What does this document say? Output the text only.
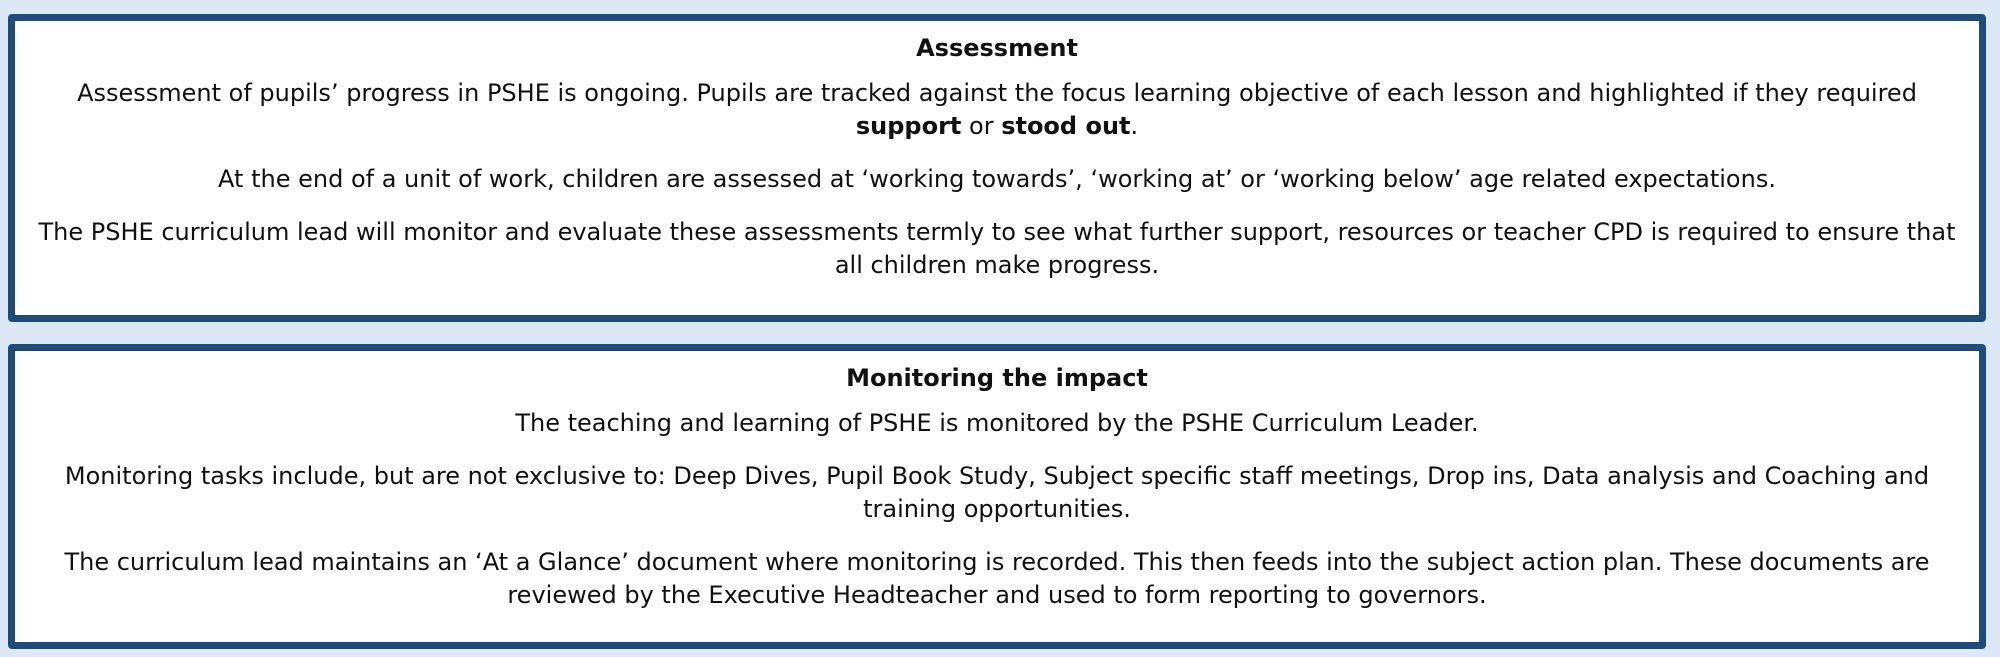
Assessment

Assessment of pupils’ progress in PSHE is ongoing. Pupils are tracked against the focus learning objective of each lesson and highlighted if they required support or stood out.

At the end of a unit of work, children are assessed at ‘working towards’, ‘working at’ or ‘working below’ age related expectations.

The PSHE curriculum lead will monitor and evaluate these assessments termly to see what further support, resources or teacher CPD is required to ensure that all children make progress.

Monitoring the impact

The teaching and learning of PSHE is monitored by the PSHE Curriculum Leader.

Monitoring tasks include, but are not exclusive to: Deep Dives, Pupil Book Study, Subject specific staff meetings, Drop ins, Data analysis and Coaching and training opportunities.

The curriculum lead maintains an ‘At a Glance’ document where monitoring is recorded. This then feeds into the subject action plan. These documents are reviewed by the Executive Headteacher and used to form reporting to governors.
